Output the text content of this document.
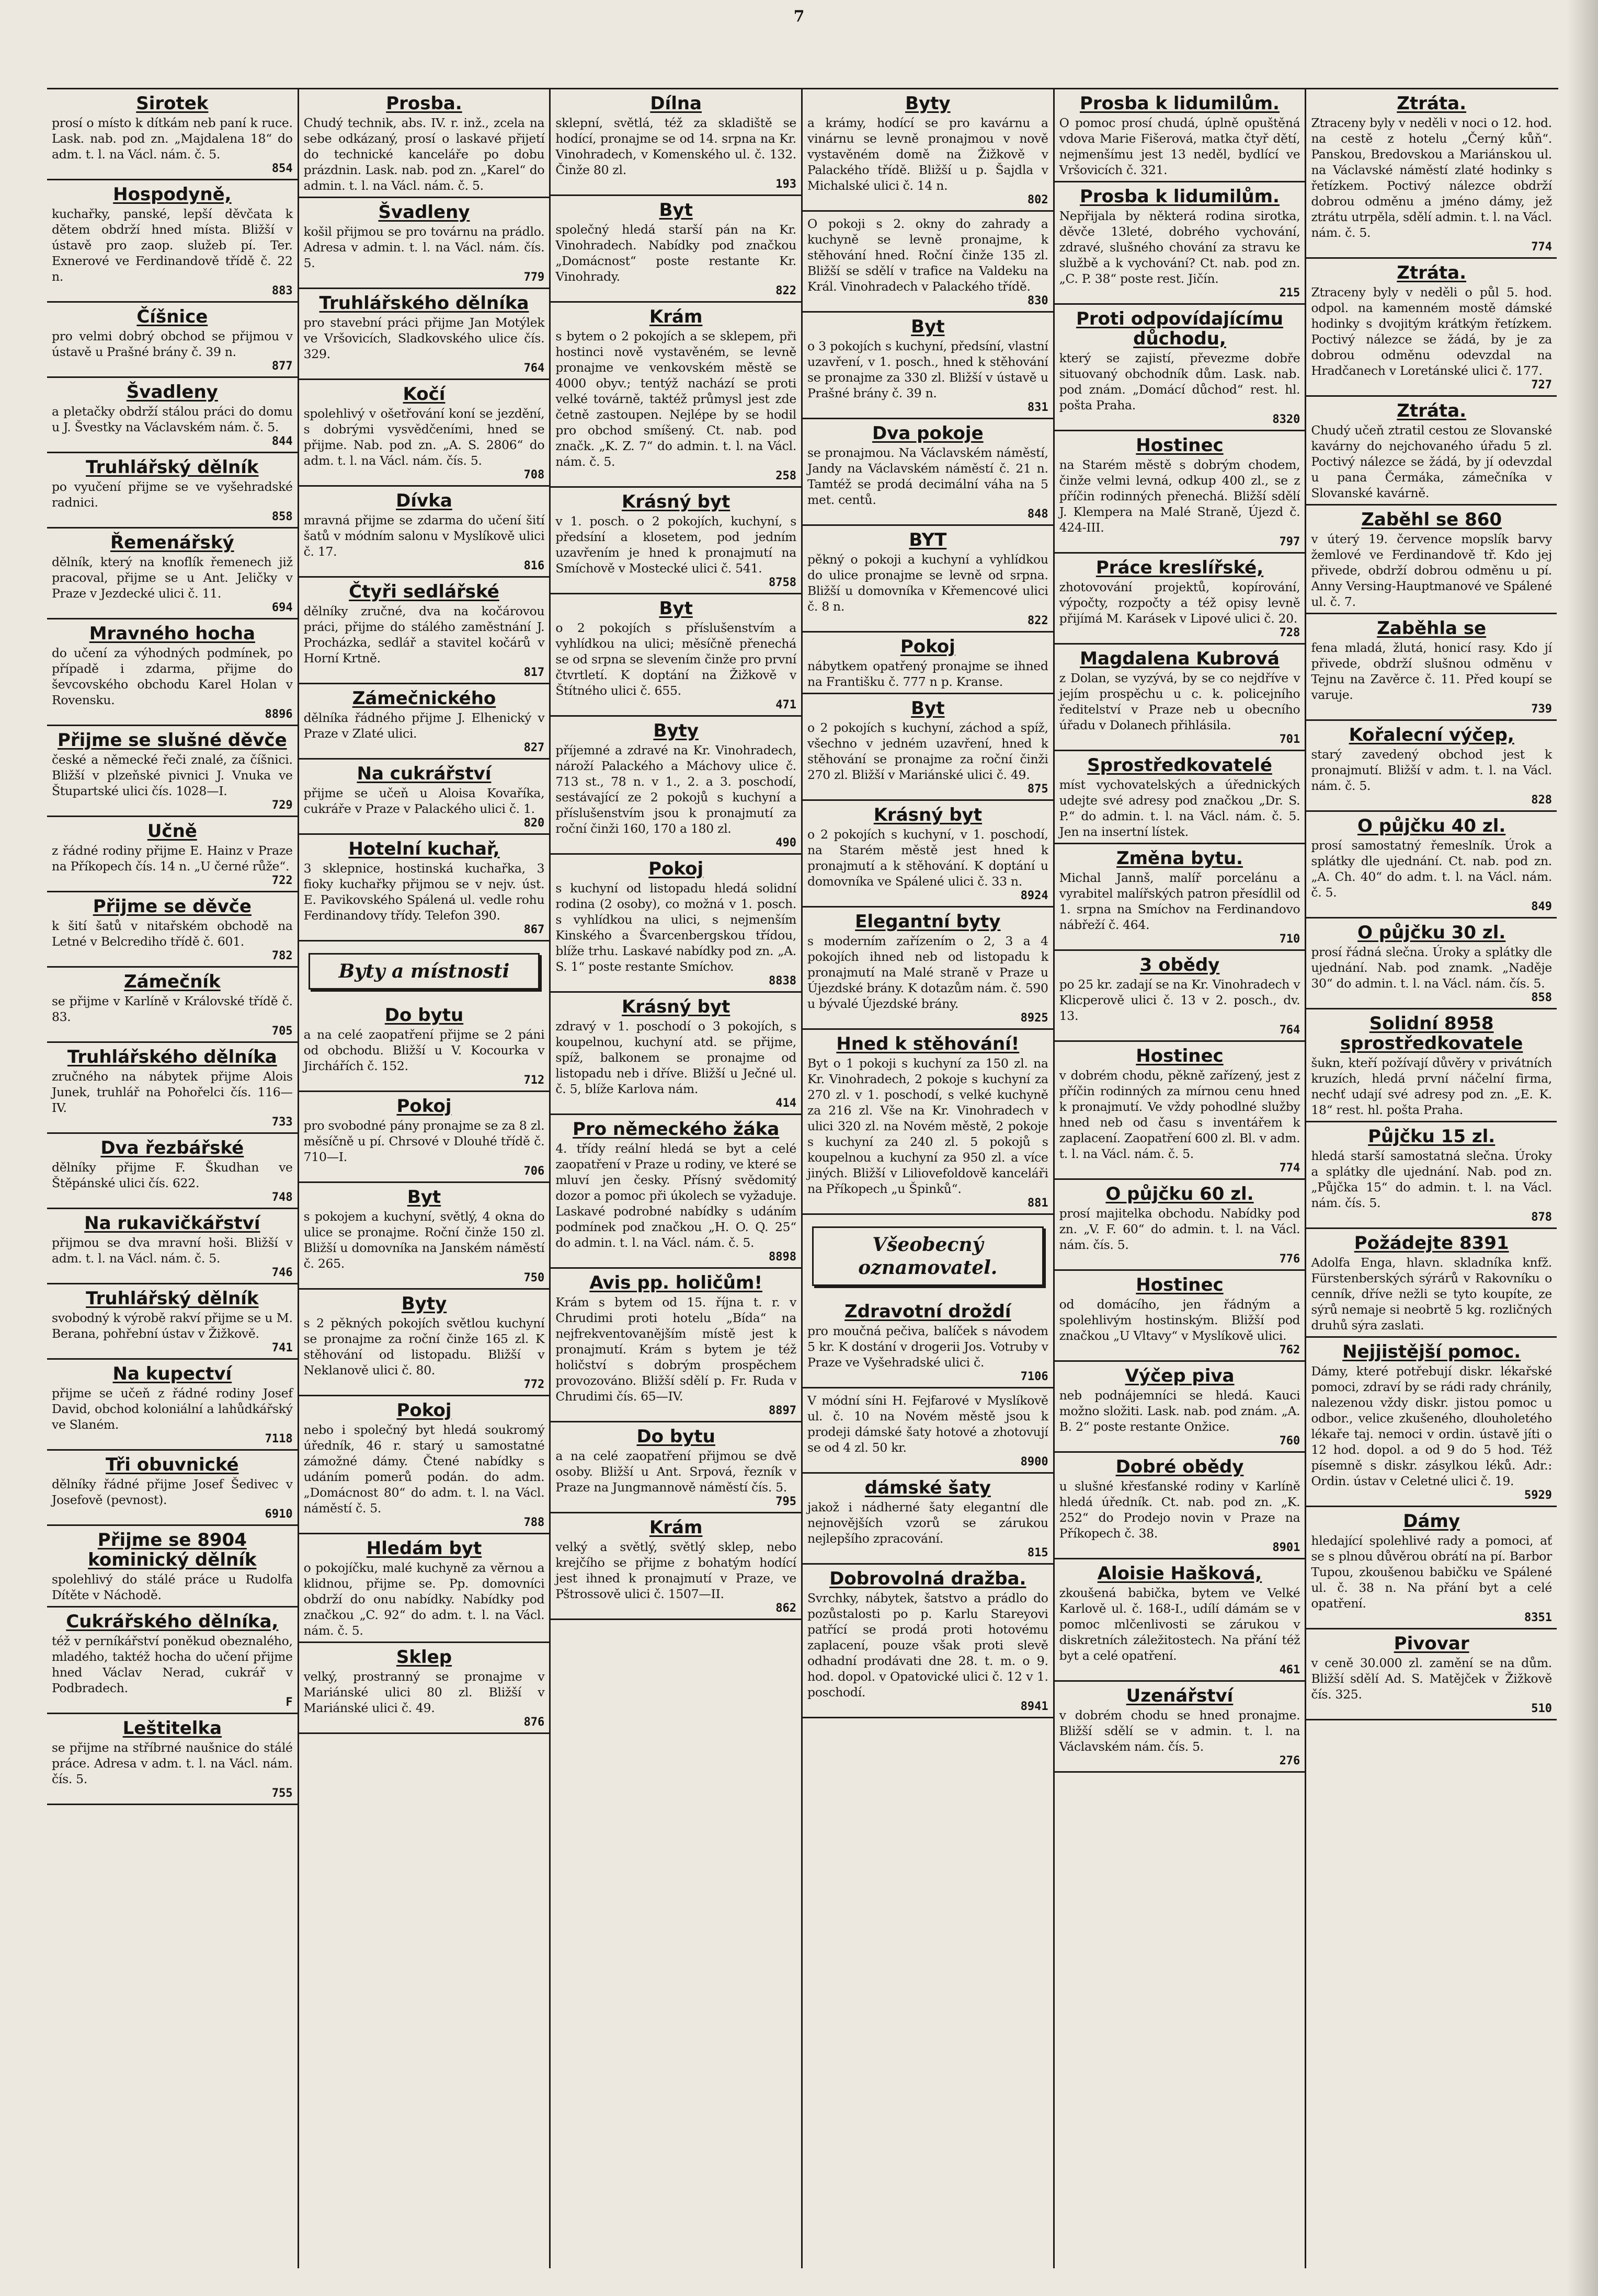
7
Sirotek

prosí o místo k dítkám neb paní k ruce. Lask. nab. pod zn. „Majdalena 18“ do adm. t. l. na Václ. nám. č. 5.

854
Hospodyně,

kuchařky, panské, lepší děvčata k dětem obdrží hned místa. Bližší v ústavě pro zaop. služeb pí. Ter. Exnerové ve Ferdinandově třídě č. 22 n.

883
Číšnice

pro velmi dobrý obchod se přijmou v ústavě u Prašné brány č. 39 n.

877
Švadleny

a pletačky obdrží stálou práci do domu u J. Švestky na Václavském nám. č. 5.

844
Truhlářský dělník

po vyučení přijme se ve vyšehradské radnici.

858
Řemenářský

dělník, který na knoflík řemenech již pracoval, přijme se u Ant. Jeličky v Praze v Jezdecké ulici č. 11.

694
Mravného hocha

do učení za výhodných podmínek, po případě i zdarma, přijme do ševcovského obchodu Karel Holan v Rovensku.

8896
Přijme se slušné děvče

české a německé řeči znalé, za číšnici. Bližší v plzeňské pivnici J. Vnuka ve Štupartské ulici čís. 1028—I.

729
Učně

z řádné rodiny přijme E. Hainz v Praze na Příkopech čís. 14 n. „U černé růže“.

722
Přijme se děvče

k šití šatů v nitařském obchodě na Letné v Belcrediho třídě č. 601.

782
Zámečník

se přijme v Karlíně v Královské třídě č. 83.

705
Truhlářského dělníka

zručného na nábytek přijme Alois Junek, truhlář na Pohořelci čís. 116—IV.

733
Dva řezbářské

dělníky přijme F. Škudhan ve Štěpánské ulici čís. 622.

748
Na rukavičkářství

přijmou se dva mravní hoši. Bližší v adm. t. l. na Václ. nám. č. 5.

746
Truhlářský dělník

svobodný k výrobě rakví přijme se u M. Berana, pohřební ústav v Žižkově.

741
Na kupectví

přijme se učeň z řádné rodiny Josef David, obchod koloniální a lahůdkářský ve Slaném.

7118
Tři obuvnické

dělníky řádné přijme Josef Šedivec v Josefově (pevnost).

6910
Přijme se 8904 kominický dělník

spolehlivý do stálé práce u Rudolfa Dítěte v Náchodě.

Cukrářského dělníka,

též v perníkářství poněkud obeznalého, mladého, taktéž hocha do učení přijme hned Václav Nerad, cukrář v Podbradech.

F
Leštitelka

se přijme na stříbrné naušnice do stálé práce. Adresa v adm. t. l. na Václ. nám. čís. 5.

755
Prosba.

Chudý technik, abs. IV. r. inž., zcela na sebe odkázaný, prosí o laskavé přijetí do technické kanceláře po dobu prázdnin. Lask. nab. pod zn. „Karel“ do admin. t. l. na Václ. nám. č. 5.

Švadleny

košil přijmou se pro továrnu na prádlo. Adresa v admin. t. l. na Václ. nám. čís. 5.

779
Truhlářského dělníka

pro stavební práci přijme Jan Motýlek ve Vršovicích, Sladkovského ulice čís. 329.

764
Kočí

spolehlivý v ošetřování koní se jezdění, s dobrými vysvědčeními, hned se přijme. Nab. pod zn. „A. S. 2806“ do adm. t. l. na Václ. nám. čís. 5.

708
Dívka

mravná přijme se zdarma do učení šití šatů v módním salonu v Myslíkově ulici č. 17.

816
Čtyři sedlářské

dělníky zručné, dva na kočárovou práci, přijme do stálého zaměstnání J. Procházka, sedlář a stavitel kočárů v Horní Krtně.

817
Zámečnického

dělníka řádného přijme J. Elhenický v Praze v Zlaté ulici.

827
Na cukrářství

přijme se učeň u Aloisa Kovaříka, cukráře v Praze v Palackého ulici č. 1.

820
Hotelní kuchař,

3 sklepnice, hostinská kuchařka, 3 fioky kuchařky přijmou se v nejv. úst. E. Pavikovského Spálená ul. vedle rohu Ferdinandovy třídy. Telefon 390.

867
Byty a místnosti
Do bytu

a na celé zaopatření přijme se 2 páni od obchodu. Bližší u V. Kocourka v Jirchářích č. 152.

712
Pokoj

pro svobodné pány pronajme se za 8 zl. měsíčně u pí. Chrsové v Dlouhé třídě č. 710—I.

706
Byt

s pokojem a kuchyní, světlý, 4 okna do ulice se pronajme. Roční činže 150 zl. Bližší u domovníka na Janském náměstí č. 265.

750
Byty

s 2 pěkných pokojích světlou kuchyní se pronajme za roční činže 165 zl. K stěhování od listopadu. Bližší v Neklanově ulici č. 80.

772
Pokoj

nebo i společný byt hledá soukromý úředník, 46 r. starý u samostatné zámožné dámy. Čtené nabídky s udáním pomerů podán. do adm. „Domácnost 80“ do adm. t. l. na Václ. náměstí č. 5.

788
Hledám byt

o pokojíčku, malé kuchyně za věrnou a klidnou, přijme se. Pp. domovníci obdrží do onu nabídky. Nabídky pod značkou „C. 92“ do adm. t. l. na Václ. nám. č. 5.

Sklep

velký, prostranný se pronajme v Mariánské ulici 80 zl. Bližší v Mariánské ulici č. 49.

876
Dílna

sklepní, světlá, též za skladiště se hodící, pronajme se od 14. srpna na Kr. Vinohradech, v Komenského ul. č. 132. Činže 80 zl.

193
Byt

společný hledá starší pán na Kr. Vinohradech. Nabídky pod značkou „Domácnost“ poste restante Kr. Vinohrady.

822
Krám

s bytem o 2 pokojích a se sklepem, při hostinci nově vystavěném, se levně pronajme ve venkovském městě se 4000 obyv.; tentýž nachází se proti velké továrně, taktéž průmysl jest zde četně zastoupen. Nejlépe by se hodil pro obchod smíšený. Ct. nab. pod značk. „K. Z. 7“ do admin. t. l. na Václ. nám. č. 5.

258
Krásný byt

v 1. posch. o 2 pokojích, kuchyní, s předsíní a klosetem, pod jedním uzavřením je hned k pronajmutí na Smíchově v Mostecké ulici č. 541.

8758
Byt

o 2 pokojích s příslušenstvím a vyhlídkou na ulici; měsíčně přenechá se od srpna se slevením činže pro první čtvrtletí. K doptání na Žižkově v Štítného ulici č. 655.

471
Byty

příjemné a zdravé na Kr. Vinohradech, nároží Palackého a Máchovy ulice č. 713 st., 78 n. v 1., 2. a 3. poschodí, sestávající ze 2 pokojů s kuchyní a příslušenstvím jsou k pronajmutí za roční činži 160, 170 a 180 zl.

490
Pokoj

s kuchyní od listopadu hledá solidní rodina (2 osoby), co možná v 1. posch. s vyhlídkou na ulici, s nejmenším Kinského a Švarcenbergskou třídou, blíže trhu. Laskavé nabídky pod zn. „A. S. 1“ poste restante Smíchov.

8838
Krásný byt

zdravý v 1. poschodí o 3 pokojích, s koupelnou, kuchyní atd. se přijme, spíž, balkonem se pronajme od listopadu neb i dříve. Bližší u Ječné ul. č. 5, blíže Karlova nám.

414
Pro německého žáka

4. třídy reální hledá se byt a celé zaopatření v Praze u rodiny, ve které se mluví jen česky. Přísný svědomitý dozor a pomoc při úkolech se vyžaduje. Laskavé podrobné nabídky s udáním podmínek pod značkou „H. O. Q. 25“ do admin. t. l. na Václ. nám. č. 5.

8898
Avis pp. holičům!

Krám s bytem od 15. října t. r. v Chrudimi proti hotelu „Bída“ na nejfrekventovanějším místě jest k pronajmutí. Krám s bytem je též holičství s dobrým prospěchem provozováno. Bližší sdělí p. Fr. Ruda v Chrudimi čís. 65—IV.

8897
Do bytu

a na celé zaopatření přijmou se dvě osoby. Bližší u Ant. Srpová, řezník v Praze na Jungmannově náměstí čís. 5.

795
Krám

velký a světlý, světlý sklep, nebo krejčího se přijme z bohatým hodící jest ihned k pronajmutí v Praze, ve Pštrossově ulici č. 1507—II.

862
Byty

a krámy, hodící se pro kavárnu a vinárnu se levně pronajmou v nově vystavěném domě na Žižkově v Palackého třídě. Bližší u p. Šajdla v Michalské ulici č. 14 n.

802

O pokoji s 2. okny do zahrady a kuchyně se levně pronajme, k stěhování hned. Roční činže 135 zl. Bližší se sdělí v trafice na Valdeku na Král. Vinohradech v Palackého třídě.

830
Byt

o 3 pokojích s kuchyní, předsíní, vlastní uzavření, v 1. posch., hned k stěhování se pronajme za 330 zl. Bližší v ústavě u Prašné brány č. 39 n.

831
Dva pokoje

se pronajmou. Na Václavském náměstí, Jandy na Václavském náměstí č. 21 n. Tamtéž se prodá decimální váha na 5 met. centů.

848
BYT

pěkný o pokoji a kuchyní a vyhlídkou do ulice pronajme se levně od srpna. Bližší u domovníka v Křemencové ulici č. 8 n.

822
Pokoj

nábytkem opatřený pronajme se ihned na Františku č. 777 n p. Kranse.

Byt

o 2 pokojích s kuchyní, záchod a spíž, všechno v jedném uzavření, hned k stěhování se pronajme za roční činži 270 zl. Bližší v Mariánské ulici č. 49.

875
Krásný byt

o 2 pokojích s kuchyní, v 1. poschodí, na Starém městě jest hned k pronajmutí a k stěhování. K doptání u domovníka ve Spálené ulici č. 33 n.

8924
Elegantní byty

s moderním zařízením o 2, 3 a 4 pokojích ihned neb od listopadu k pronajmutí na Malé straně v Praze u Újezdské brány. K dotazům nám. č. 590 u bývalé Újezdské brány.

8925
Hned k stěhování!

Byt o 1 pokoji s kuchyní za 150 zl. na Kr. Vinohradech, 2 pokoje s kuchyní za 270 zl. v 1. poschodí, s velké kuchyně za 216 zl. Vše na Kr. Vinohradech v ulici 320 zl. na Novém městě, 2 pokoje s kuchyní za 240 zl. 5 pokojů s koupelnou a kuchyní za 950 zl. a více jiných. Bližší v Liliovefoldově kanceláři na Příkopech „u Špinků“.

881
Všeobecný oznamovatel.
Zdravotní droždí

pro moučná pečiva, balíček s návodem 5 kr. K dostání v drogerii Jos. Votruby v Praze ve Vyšehradské ulici č.

7106

V módní síni H. Fejfarové v Myslíkově ul. č. 10 na Novém městě jsou k prodeji dámské šaty hotové a zhotovují se od 4 zl. 50 kr.

8900
dámské šaty

jakož i nádherné šaty elegantní dle nejnovějších vzorů se zárukou nejlepšího zpracování.

815
Dobrovolná dražba.

Svrchky, nábytek, šatstvo a prádlo do pozůstalosti po p. Karlu Stareyovi patřící se prodá proti hotovému zaplacení, pouze však proti slevě odhadní prodávati dne 28. t. m. o 9. hod. dopol. v Opatovické ulici č. 12 v 1. poschodí.

8941
Prosba k lidumilům.

O pomoc prosí chudá, úplně opuštěná vdova Marie Fišerová, matka čtyř dětí, nejmenšímu jest 13 neděl, bydlící ve Vršovicích č. 321.

Prosba k lidumilům.

Nepřijala by některá rodina sirotka, děvče 13leté, dobrého vychování, zdravé, slušného chování za stravu ke službě a k vychování? Ct. nab. pod zn. „C. P. 38“ poste rest. Jičín.

215
Proti odpovídajícímu důchodu,

který se zajistí, převezme dobře situovaný obchodník dům. Lask. nab. pod znám. „Domácí důchod“ rest. hl. pošta Praha.

8320
Hostinec

na Starém městě s dobrým chodem, činže velmi levná, odkup 400 zl., se z příčin rodinných přenechá. Bližší sdělí J. Klempera na Malé Straně, Újezd č. 424-III.

797
Práce kreslířské,

zhotovování projektů, kopírování, výpočty, rozpočty a též opisy levně přijímá M. Karásek v Lipové ulici č. 20.

728
Magdalena Kubrová

z Dolan, se vyzývá, by se co nejdříve v jejím prospěchu u c. k. policejního ředitelství v Praze neb u obecního úřadu v Dolanech přihlásila.

701
Sprostředkovatelé

míst vychovatelských a úřednických udejte své adresy pod značkou „Dr. S. P.“ do admin. t. l. na Václ. nám. č. 5. Jen na insertní lístek.

Změna bytu.

Michal Jannš, malíř porcelánu a vyrabitel malířských patron přesídlil od 1. srpna na Smíchov na Ferdinandovo nábřeží č. 464.

710
3 obědy

po 25 kr. zadají se na Kr. Vinohradech v Klicperově ulici č. 13 v 2. posch., dv. 13.

764
Hostinec

v dobrém chodu, pěkně zařízený, jest z příčin rodinných za mírnou cenu hned k pronajmutí. Ve vždy pohodlné služby hned neb od času s inventářem k zaplacení. Zaopatření 600 zl. Bl. v adm. t. l. na Václ. nám. č. 5.

774
O půjčku 60 zl.

prosí majitelka obchodu. Nabídky pod zn. „V. F. 60“ do admin. t. l. na Václ. nám. čís. 5.

776
Hostinec

od domácího, jen řádným a spolehlivým hostinským. Bližší pod značkou „U Vltavy“ v Myslíkově ulici.

762
Výčep piva

neb podnájemníci se hledá. Kauci možno složiti. Lask. nab. pod znám. „A. B. 2“ poste restante Onžice.

760
Dobré obědy

u slušné křesťanské rodiny v Karlíně hledá úředník. Ct. nab. pod zn. „K. 252“ do Prodejo novin v Praze na Příkopech č. 38.

8901
Aloisie Hašková,

zkoušená babička, bytem ve Velké Karlově ul. č. 168-I., udílí dámám se v pomoc mlčenlivosti se zárukou v diskretních záležitostech. Na přání též byt a celé opatření.

461
Uzenářství

v dobrém chodu se hned pronajme. Bližší sdělí se v admin. t. l. na Václavském nám. čís. 5.

276
Ztráta.

Ztraceny byly v neděli v noci o 12. hod. na cestě z hotelu „Černý kůň“. Panskou, Bredovskou a Mariánskou ul. na Václavské náměstí zlaté hodinky s řetízkem. Poctivý nálezce obdrží dobrou odměnu a jméno dámy, jež ztrátu utrpěla, sdělí admin. t. l. na Václ. nám. č. 5.

774
Ztráta.

Ztraceny byly v neděli o půl 5. hod. odpol. na kamenném mostě dámské hodinky s dvojitým krátkým řetízkem. Poctivý nálezce se žádá, by je za dobrou odměnu odevzdal na Hradčanech v Loretánské ulici č. 177.

727
Ztráta.

Chudý učeň ztratil cestou ze Slovanské kavárny do nejchovaného úřadu 5 zl. Poctivý nálezce se žádá, by jí odevzdal u pana Čermáka, zámečníka v Slovanské kavárně.

Zaběhl se 860

v úterý 19. července mopslík barvy žemlové ve Ferdinandově tř. Kdo jej přivede, obdrží dobrou odměnu u pí. Anny Versing-Hauptmanové ve Spálené ul. č. 7.

Zaběhla se

fena mladá, žlutá, honicí rasy. Kdo jí přivede, obdrží slušnou odměnu v Tejnu na Zavěrce č. 11. Před koupí se varuje.

739
Kořalecní výčep,

starý zavedený obchod jest k pronajmutí. Bližší v adm. t. l. na Václ. nám. č. 5.

828
O půjčku 40 zl.

prosí samostatný řemeslník. Úrok a splátky dle ujednání. Ct. nab. pod zn. „A. Ch. 40“ do adm. t. l. na Václ. nám. č. 5.

849
O půjčku 30 zl.

prosí řádná slečna. Úroky a splátky dle ujednání. Nab. pod znamk. „Naděje 30“ do admin. t. l. na Václ. nám. čís. 5.

858
Solidní 8958 sprostředkovatele

šukn, kteří požívají důvěry v privátních kruzích, hledá první náčelní firma, nechť udají své adresy pod zn. „E. K. 18“ rest. hl. pošta Praha.

Půjčku 15 zl.

hledá starší samostatná slečna. Úroky a splátky dle ujednání. Nab. pod zn. „Půjčka 15“ do admin. t. l. na Václ. nám. čís. 5.

878
Požádejte 8391

Adolfa Enga, hlavn. skladníka knfž. Fürstenberských sýrárů v Rakovníku o cenník, dříve nežli se tyto koupíte, ze sýrů nemaje si neobrtě 5 kg. rozličných druhů sýra zaslati.

Nejjistější pomoc.

Dámy, které potřebují diskr. lékařské pomoci, zdraví by se rádi rady chránily, nalezenou vždy diskr. jistou pomoc u odbor., velice zkušeného, dlouholetého lékaře taj. nemoci v ordin. ústavě jíti o 12 hod. dopol. a od 9 do 5 hod. Též písemně s diskr. zásylkou léků. Adr.: Ordin. ústav v Celetné ulici č. 19.

5929
Dámy

hledající spolehlivé rady a pomoci, ať se s plnou důvěrou obrátí na pí. Barbor Tupou, zkoušenou babičku ve Spálené ul. č. 38 n. Na přání byt a celé opatření.

8351
Pivovar

v ceně 30.000 zl. zamění se na dům. Bližší sdělí Ad. S. Matějček v Žižkově čís. 325.

510
